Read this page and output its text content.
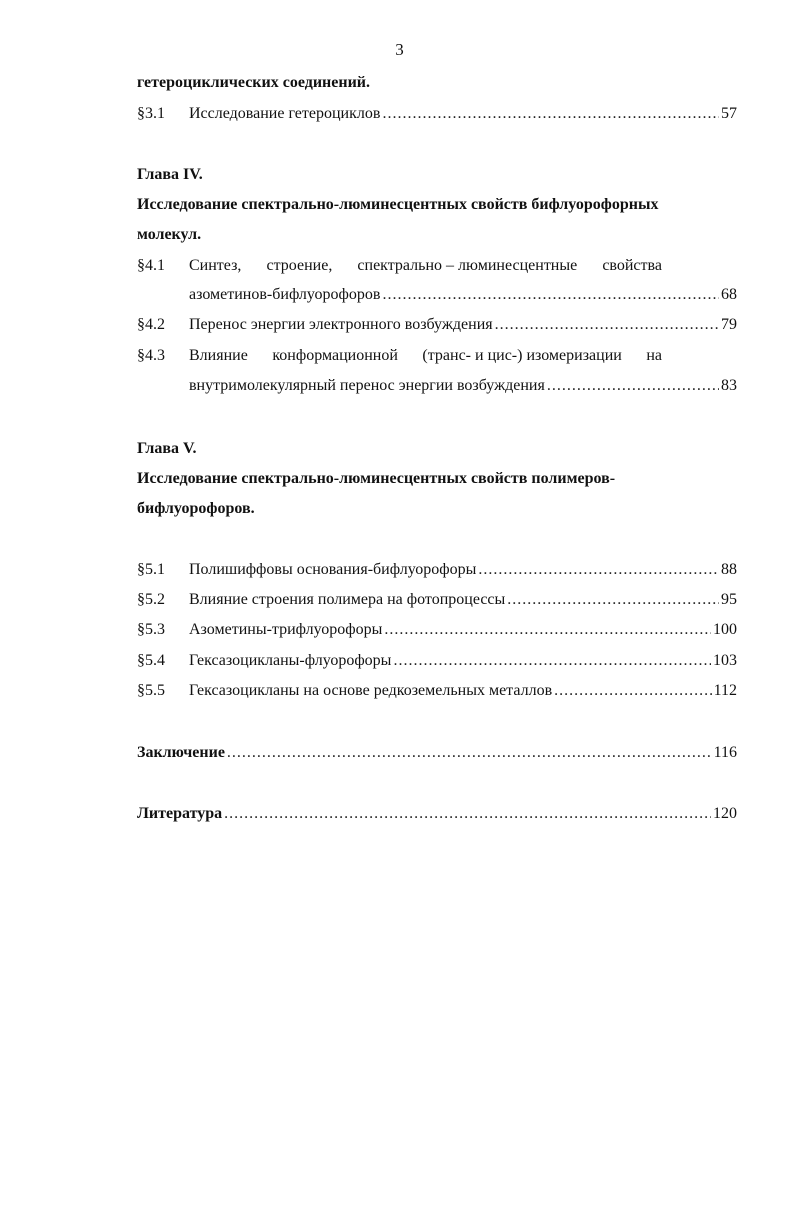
3
гетероциклических соединений.
§3.1 Исследование гетероциклов .....	57
Глава IV.
Исследование спектрально-люминесцентных свойств бифлуорофорных
молекул.
§4.1 Синтез, строение, спектрально – люминесцентные свойства
азометинов-бифлуорофоров .....	68
§4.2 Перенос энергии электронного возбуждения .....	79
§4.3 Влияние конформационной (транс- и цис-) изомеризации на
внутримолекулярный перенос энергии возбуждения .....	83
Глава V.
Исследование спектрально-люминесцентных свойств полимеров-
бифлуорофоров.
§5.1 Полишиффовы основания-бифлуорофоры .....	88
§5.2 Влияние строения полимера на фотопроцессы .....	95
§5.3 Азометины-трифлуорофоры .....	100
§5.4 Гексазоцикланы-флуорофоры .....	103
§5.5 Гексазоцикланы на основе редкоземельных металлов .....	112
Заключение .....	116
Литература .....	120
